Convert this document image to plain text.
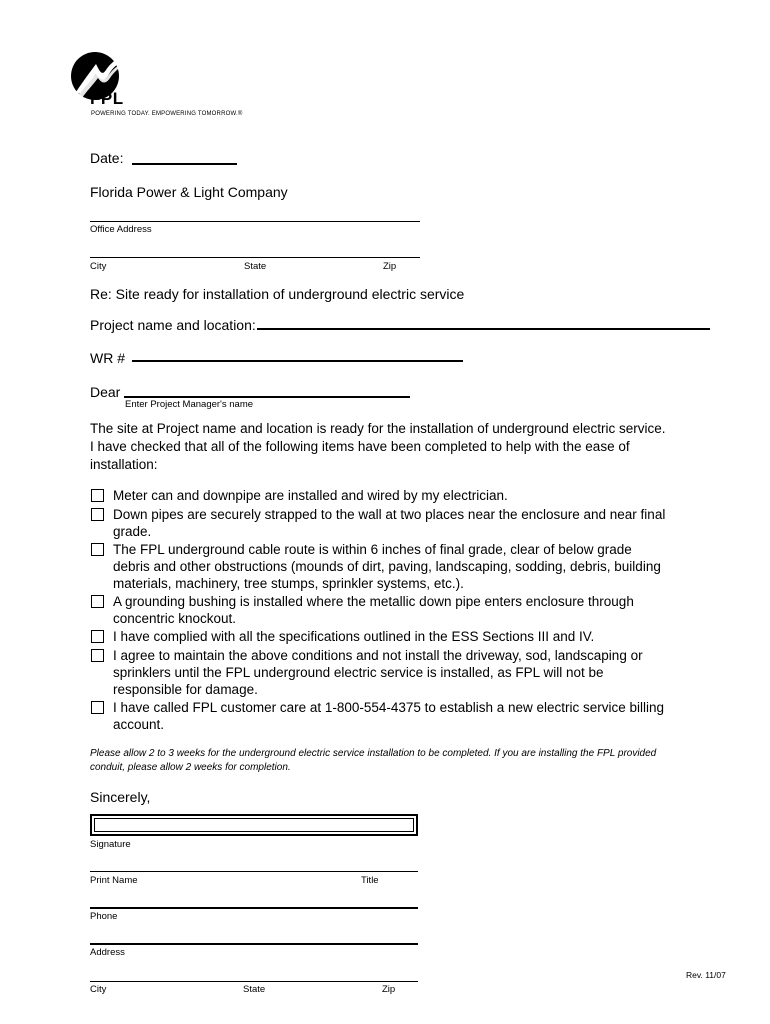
FPL
POWERING TODAY. EMPOWERING TOMORROW.®
Date:
Florida Power & Light Company
Office Address
City	State	Zip
Re: Site ready for installation of underground electric service
Project name and location:
WR #
Dear
Enter Project Manager's name
The site at Project name and location is ready for the installation of underground electric service. I have checked that all of the following items have been completed to help with the ease of installation:
Meter can and downpipe are installed and wired by my electrician.
Down pipes are securely strapped to the wall at two places near the enclosure and near final grade.
The FPL underground cable route is within 6 inches of final grade, clear of below grade debris and other obstructions (mounds of dirt, paving, landscaping, sodding, debris, building materials, machinery, tree stumps, sprinkler systems, etc.).
A grounding bushing is installed where the metallic down pipe enters enclosure through concentric knockout.
I have complied with all the specifications outlined in the ESS Sections III and IV.
I agree to maintain the above conditions and not install the driveway, sod, landscaping or sprinklers until the FPL underground electric service is installed, as FPL will not be responsible for damage.
I have called FPL customer care at 1-800-554-4375 to establish a new electric service billing account.
Please allow 2 to 3 weeks for the underground electric service installation to be completed. If you are installing the FPL provided conduit, please allow 2 weeks for completion.
Sincerely,
Signature
Print Name	Title
Phone
Address
Rev. 11/07
City	State	Zip
